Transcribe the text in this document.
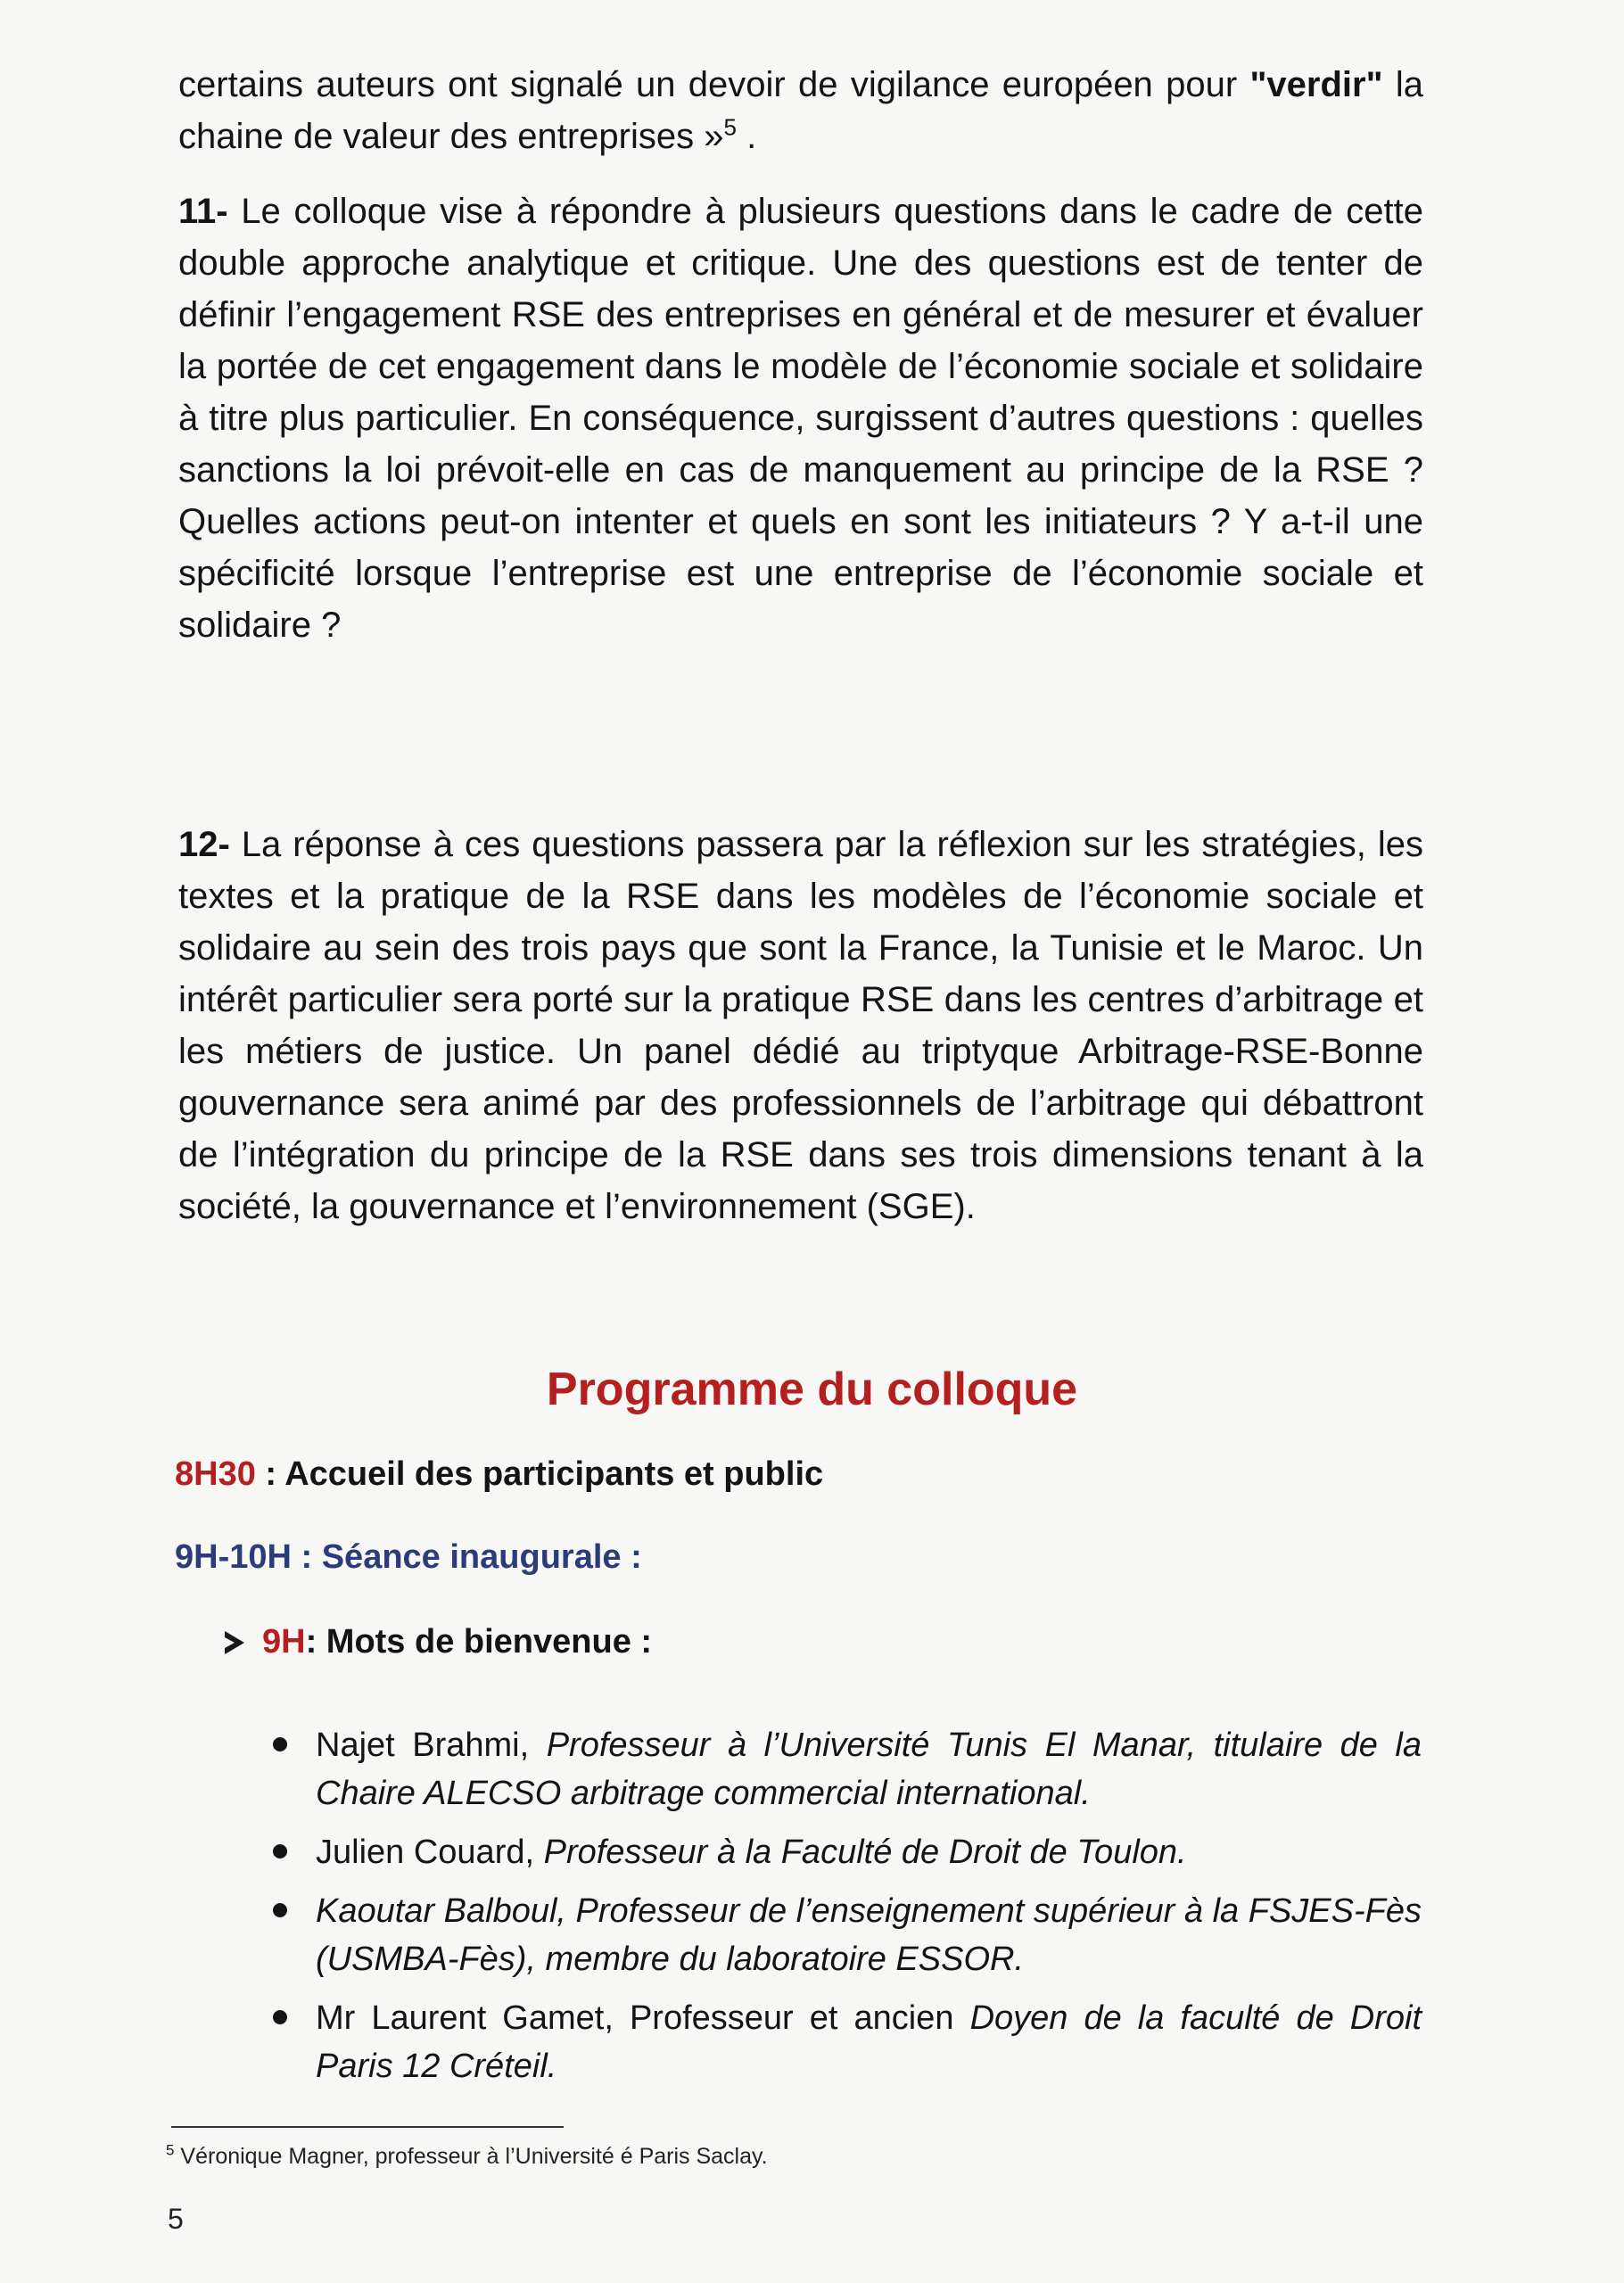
certains auteurs ont signalé un devoir de vigilance européen pour "verdir" la chaine de valeur des entreprises »$^5$ .
11- Le colloque vise à répondre à plusieurs questions dans le cadre de cette double approche analytique et critique. Une des questions est de tenter de définir l’engagement RSE des entreprises en général et de mesurer et évaluer la portée de cet engagement dans le modèle de l’économie sociale et solidaire à titre plus particulier. En conséquence, surgissent d’autres questions : quelles sanctions la loi prévoit-elle en cas de manquement au principe de la RSE ? Quelles actions peut-on intenter et quels en sont les initiateurs ? Y a-t-il une spécificité lorsque l’entreprise est une entreprise de l’économie sociale et solidaire ?
12- La réponse à ces questions passera par la réflexion sur les stratégies, les textes et la pratique de la RSE dans les modèles de l’économie sociale et solidaire au sein des trois pays que sont la France, la Tunisie et le Maroc. Un intérêt particulier sera porté sur la pratique RSE dans les centres d’arbitrage et les métiers de justice. Un panel dédié au triptyque Arbitrage-RSE-Bonne gouvernance sera animé par des professionnels de l’arbitrage qui débattront de l’intégration du principe de la RSE dans ses trois dimensions tenant à la société, la gouvernance et l’environnement (SGE).
Programme du colloque
8H30 : Accueil des participants et public
9H-10H : Séance inaugurale :
9H : Mots de bienvenue :
Najet Brahmi, Professeur à l’Université Tunis El Manar, titulaire de la Chaire ALECSO arbitrage commercial international.
Julien Couard, Professeur à la Faculté de Droit de Toulon.
Kaoutar Balboul, Professeur de l’enseignement supérieur à la FSJES-Fès (USMBA-Fès), membre du laboratoire ESSOR.
Mr Laurent Gamet, Professeur et ancien Doyen de la faculté de Droit Paris 12 Créteil.
$^5$ Véronique Magner, professeur à l’Université é Paris Saclay.
5
